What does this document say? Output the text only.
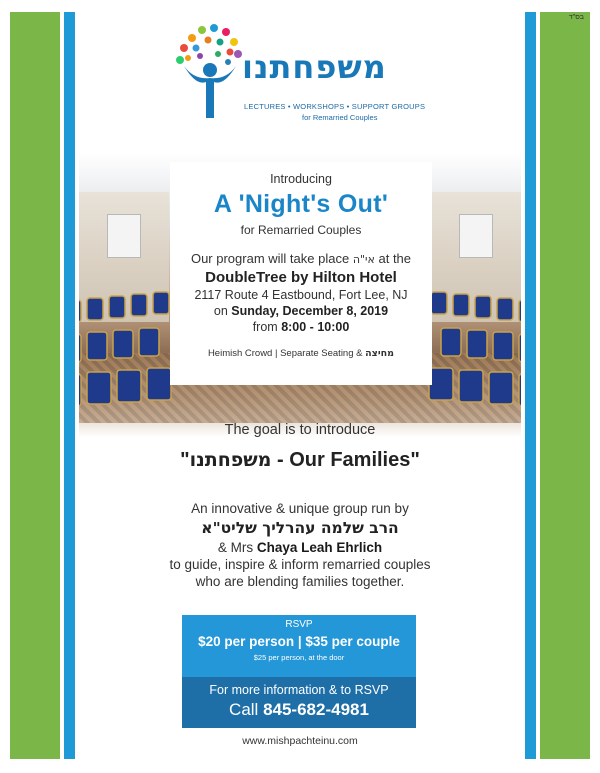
בס"ד
משפחתנו
LECTURES • WORKSHOPS • SUPPORT GROUPS
for Remarried Couples
Introducing
A 'Night's Out'
for Remarried Couples
Our program will take place אי"ה at the
DoubleTree by Hilton Hotel
2117 Route 4 Eastbound, Fort Lee, NJ
on Sunday, December 8, 2019
from 8:00 - 10:00
Heimish Crowd | Separate Seating & מחיצה
The goal is to introduce
"משפחתנו - Our Families"
An innovative & unique group run by
הרב שלמה עהרליך שליט"א
& Mrs Chaya Leah Ehrlich
to guide, inspire & inform remarried couples
who are blending families together.
RSVP
$20 per person | $35 per couple
$25 per person, at the door
For more information & to RSVP
Call 845-682-4981
www.mishpachteinu.com
